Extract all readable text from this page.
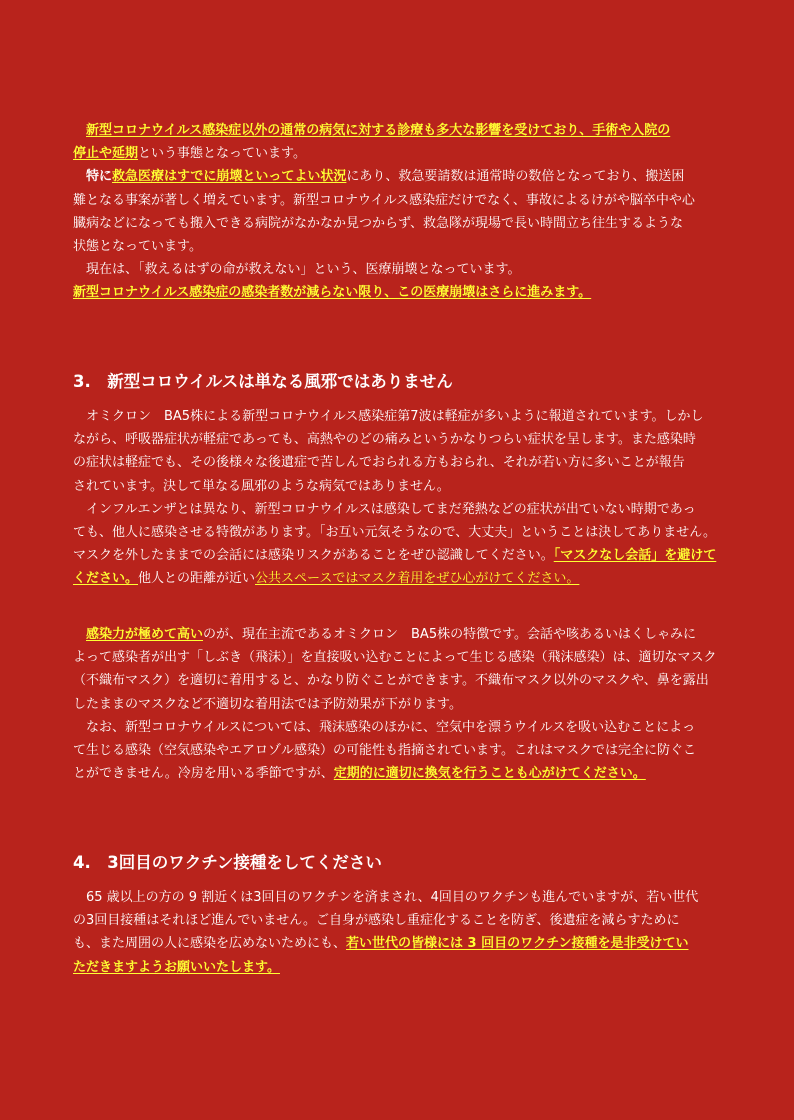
新型コロナウイルス感染症以外の通常の病気に対する診療も多大な影響を受けており、手術や入院の
停止や延期という事態となっています。
特に救急医療はすでに崩壊といってよい状況にあり、救急要請数は通常時の数倍となっており、搬送困
難となる事案が著しく増えています。新型コロナウイルス感染症だけでなく、事故によるけがや脳卒中や心
臓病などになっても搬入できる病院がなかなか見つからず、救急隊が現場で長い時間立ち往生するような
状態となっています。
現在は、「救えるはずの命が救えない」という、医療崩壊となっています。
新型コロナウイルス感染症の感染者数が減らない限り、この医療崩壊はさらに進みます。
3.　新型コロウイルスは単なる風邪ではありません
オミクロン　BA5株による新型コロナウイルス感染症第7波は軽症が多いように報道されています。しかし
ながら、呼吸器症状が軽症であっても、高熱やのどの痛みというかなりつらい症状を呈します。また感染時
の症状は軽症でも、その後様々な後遺症で苦しんでおられる方もおられ、それが若い方に多いことが報告
されています。決して単なる風邪のような病気ではありません。
インフルエンザとは異なり、新型コロナウイルスは感染してまだ発熱などの症状が出ていない時期であっ
ても、他人に感染させる特徴があります。「お互い元気そうなので、大丈夫」ということは決してありません。
マスクを外したままでの会話には感染リスクがあることをぜひ認識してください。「マスクなし会話」を避けて
ください。他人との距離が近い公共スペースではマスク着用をぜひ心がけてください。
感染力が極めて高いのが、現在主流であるオミクロン　BA5株の特徴です。会話や咳あるいはくしゃみに
よって感染者が出す「しぶき（飛沫）」を直接吸い込むことによって生じる感染（飛沫感染）は、適切なマスク
（不織布マスク）を適切に着用すると、かなり防ぐことができます。不織布マスク以外のマスクや、鼻を露出
したままのマスクなど不適切な着用法では予防効果が下がります。
なお、新型コロナウイルスについては、飛沫感染のほかに、空気中を漂うウイルスを吸い込むことによっ
て生じる感染（空気感染やエアロゾル感染）の可能性も指摘されています。これはマスクでは完全に防ぐこ
とができません。冷房を用いる季節ですが、定期的に適切に換気を行うことも心がけてください。
4.　3回目のワクチン接種をしてください
65 歳以上の方の 9 割近くは3回目のワクチンを済まされ、4回目のワクチンも進んでいますが、若い世代
の3回目接種はそれほど進んでいません。ご自身が感染し重症化することを防ぎ、後遺症を減らすために
も、また周囲の人に感染を広めないためにも、若い世代の皆様には 3 回目のワクチン接種を是非受けてい
ただきますようお願いいたします。
